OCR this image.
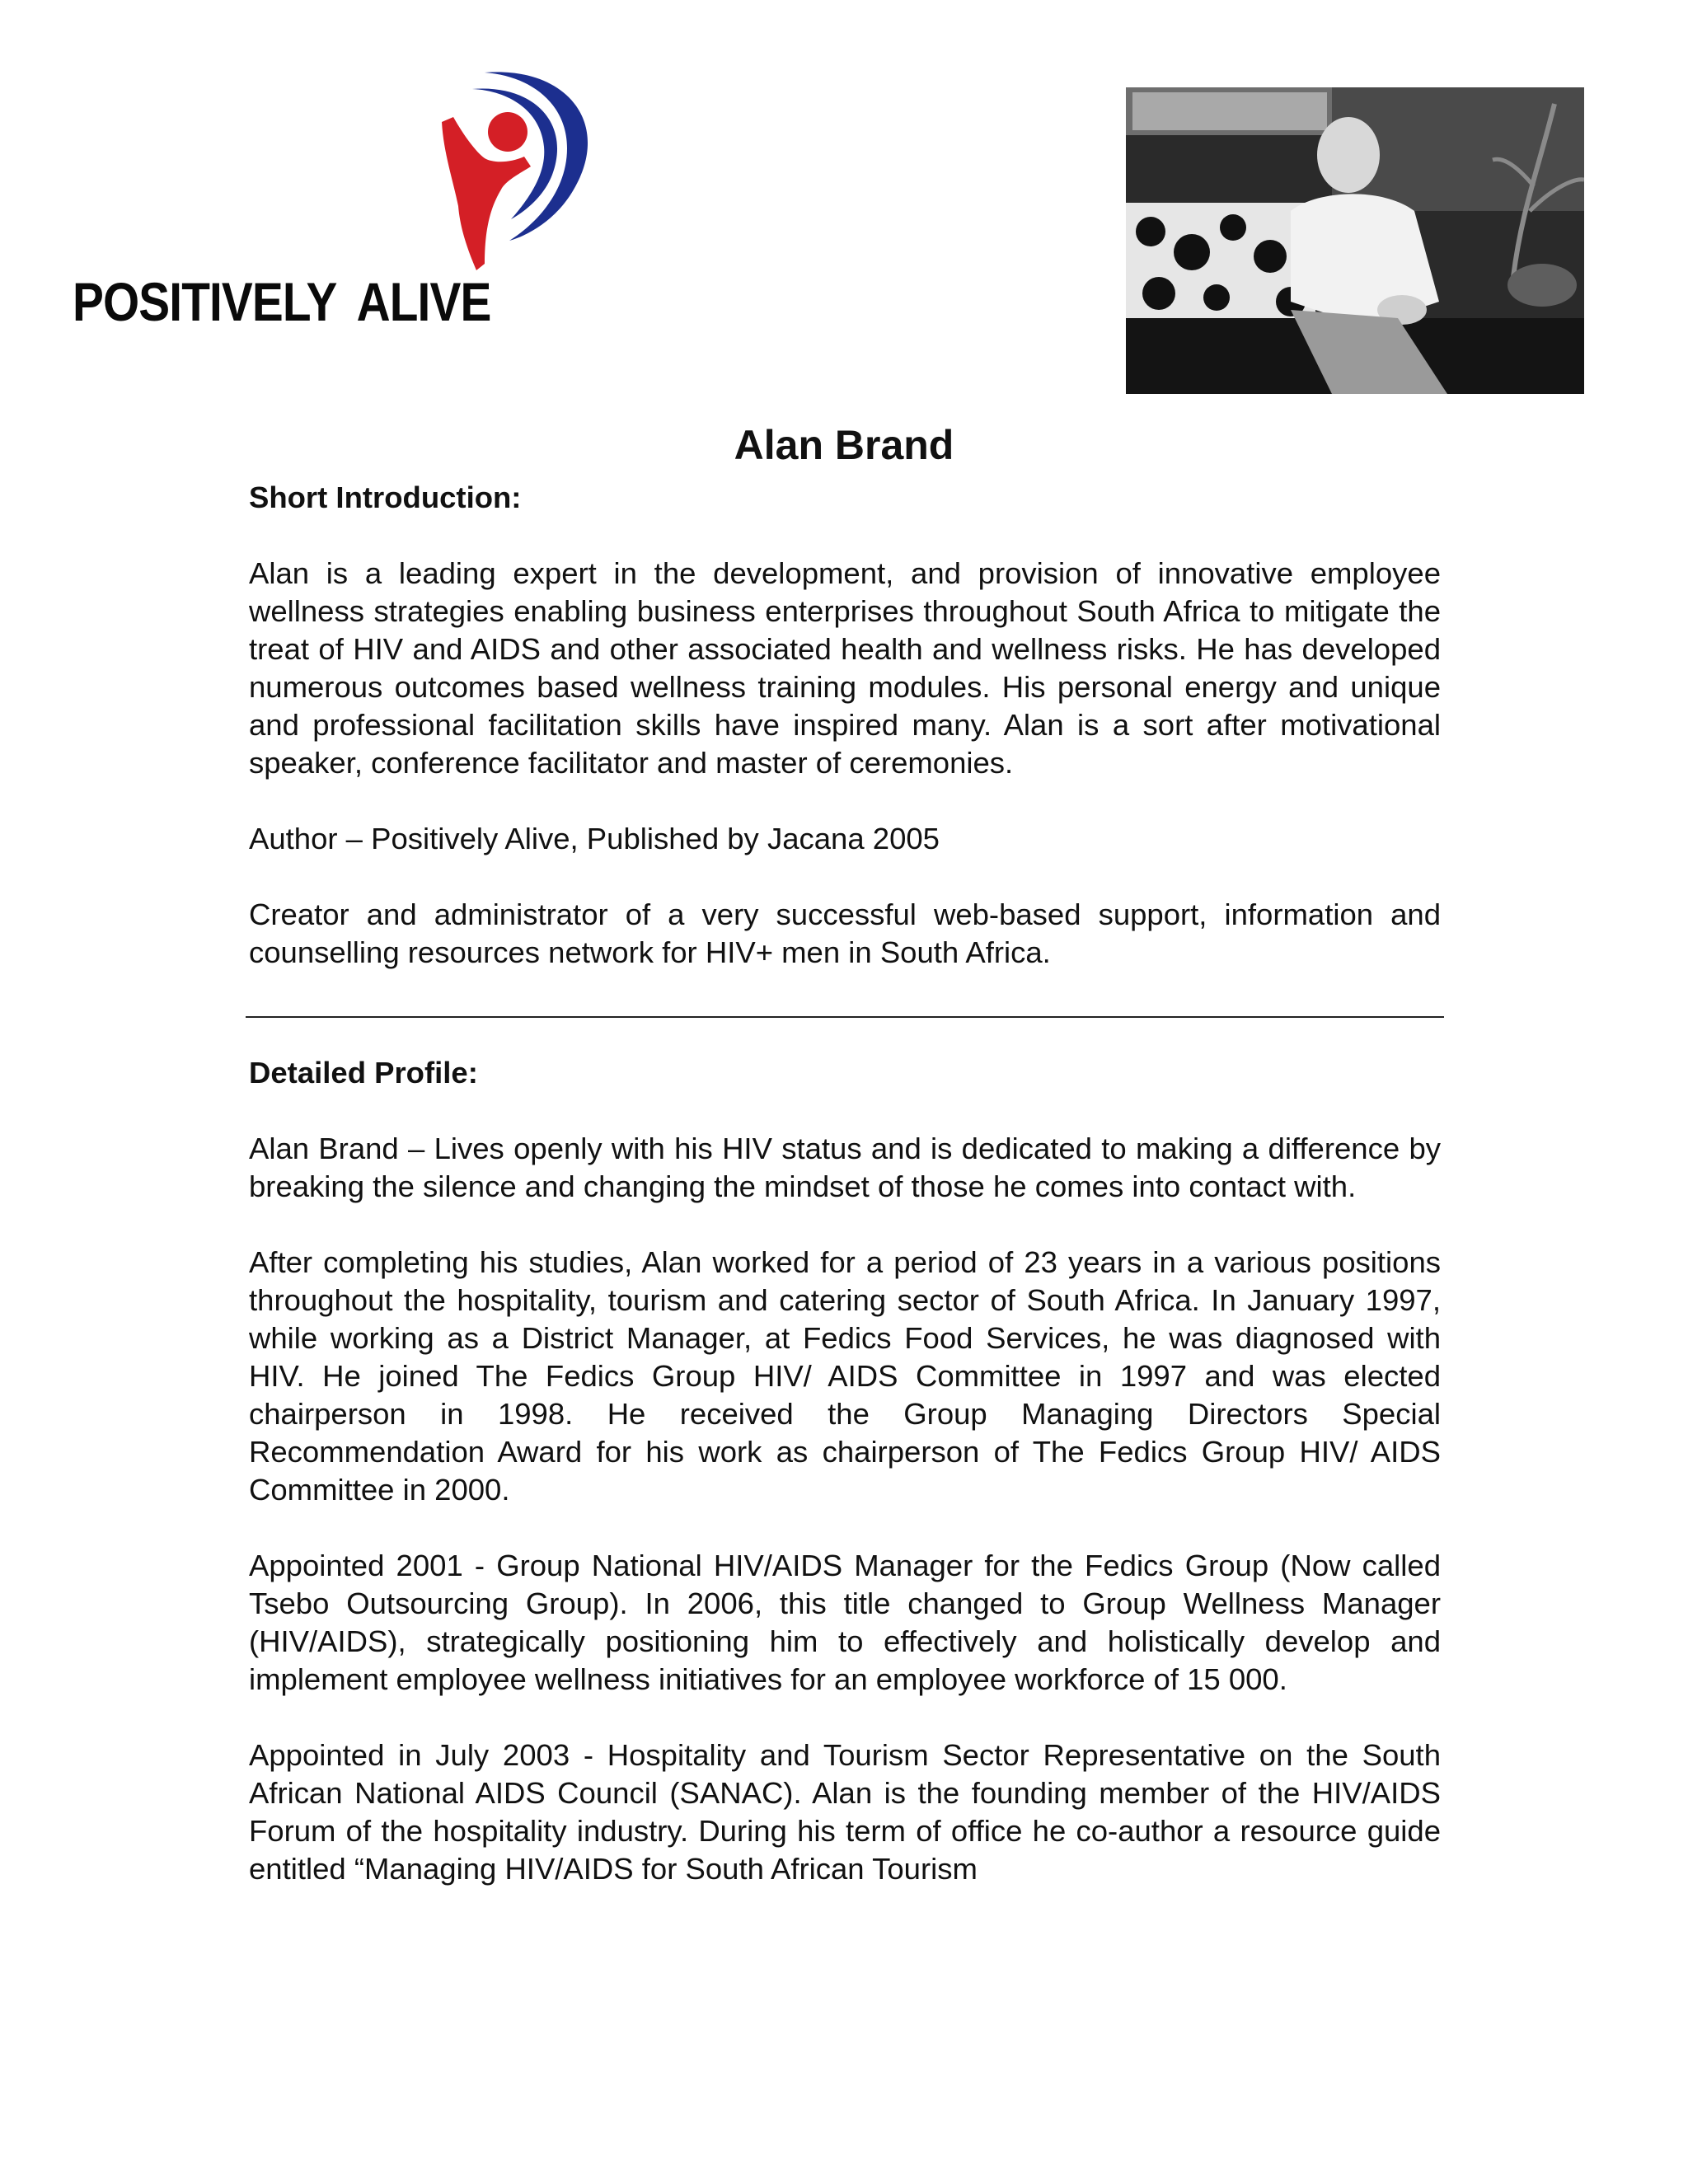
POSITIVELY ALIVE
Alan Brand

Short Introduction:

Alan is a leading expert in the development, and provision of innovative employee wellness strategies enabling business enterprises throughout South Africa to mitigate the treat of HIV and AIDS and other associated health and wellness risks. He has developed numerous outcomes based wellness training modules. His personal energy and unique and professional facilitation skills have inspired many. Alan is a sort after motivational speaker, conference facilitator and master of ceremonies.

Author – Positively Alive, Published by Jacana 2005

Creator and administrator of a very successful web-based support, information and counselling resources network for HIV+ men in South Africa.

Detailed Profile:

Alan Brand – Lives openly with his HIV status and is dedicated to making a difference by breaking the silence and changing the mindset of those he comes into contact with.

After completing his studies, Alan worked for a period of 23 years in a various positions throughout the hospitality, tourism and catering sector of South Africa. In January 1997, while working as a District Manager, at Fedics Food Services, he was diagnosed with HIV. He joined The Fedics Group HIV/ AIDS Committee in 1997 and was elected chairperson in 1998. He received the Group Managing Directors Special Recommendation Award for his work as chairperson of The Fedics Group HIV/ AIDS Committee in 2000.

Appointed 2001 - Group National HIV/AIDS Manager for the Fedics Group (Now called Tsebo Outsourcing Group). In 2006, this title changed to Group Wellness Manager (HIV/AIDS), strategically positioning him to effectively and holistically develop and implement employee wellness initiatives for an employee workforce of 15 000.

Appointed in July 2003 - Hospitality and Tourism Sector Representative on the South African National AIDS Council (SANAC). Alan is the founding member of the HIV/AIDS Forum of the hospitality industry. During his term of office he co-author a resource guide entitled “Managing HIV/AIDS for South African Tourism
